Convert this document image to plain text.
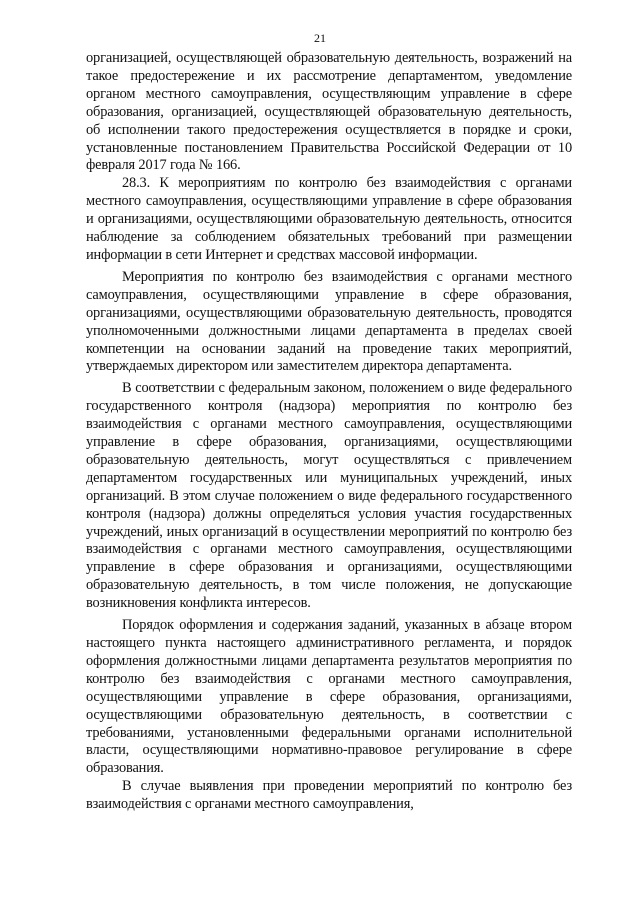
21

организацией, осуществляющей образовательную деятельность, возражений на такое предостережение и их рассмотрение департаментом, уведомление органом местного самоуправления, осуществляющим управление в сфере образования, организацией, осуществляющей образовательную деятельность, об исполнении такого предостережения осуществляется в порядке и сроки, установленные постановлением Правительства Российской Федерации от 10 февраля 2017 года № 166.

28.3. К мероприятиям по контролю без взаимодействия с органами местного самоуправления, осуществляющими управление в сфере образования и организациями, осуществляющими образовательную деятельность, относится наблюдение за соблюдением обязательных требований при размещении информации в сети Интернет и средствах массовой информации.

Мероприятия по контролю без взаимодействия с органами местного самоуправления, осуществляющими управление в сфере образования, организациями, осуществляющими образовательную деятельность, проводятся уполномоченными должностными лицами департамента в пределах своей компетенции на основании заданий на проведение таких мероприятий, утверждаемых директором или заместителем директора департамента.

В соответствии с федеральным законом, положением о виде федерального государственного контроля (надзора) мероприятия по контролю без взаимодействия с органами местного самоуправления, осуществляющими управление в сфере образования, организациями, осуществляющими образовательную деятельность, могут осуществляться с привлечением департаментом государственных или муниципальных учреждений, иных организаций. В этом случае положением о виде федерального государственного контроля (надзора) должны определяться условия участия государственных учреждений, иных организаций в осуществлении мероприятий по контролю без взаимодействия с органами местного самоуправления, осуществляющими управление в сфере образования и организациями, осуществляющими образовательную деятельность, в том числе положения, не допускающие возникновения конфликта интересов.

Порядок оформления и содержания заданий, указанных в абзаце втором настоящего пункта настоящего административного регламента, и порядок оформления должностными лицами департамента результатов мероприятия по контролю без взаимодействия с органами местного самоуправления, осуществляющими управление в сфере образования, организациями, осуществляющими образовательную деятельность, в соответствии с требованиями, установленными федеральными органами исполнительной власти, осуществляющими нормативно-правовое регулирование в сфере образования.

В случае выявления при проведении мероприятий по контролю без взаимодействия с органами местного самоуправления,
